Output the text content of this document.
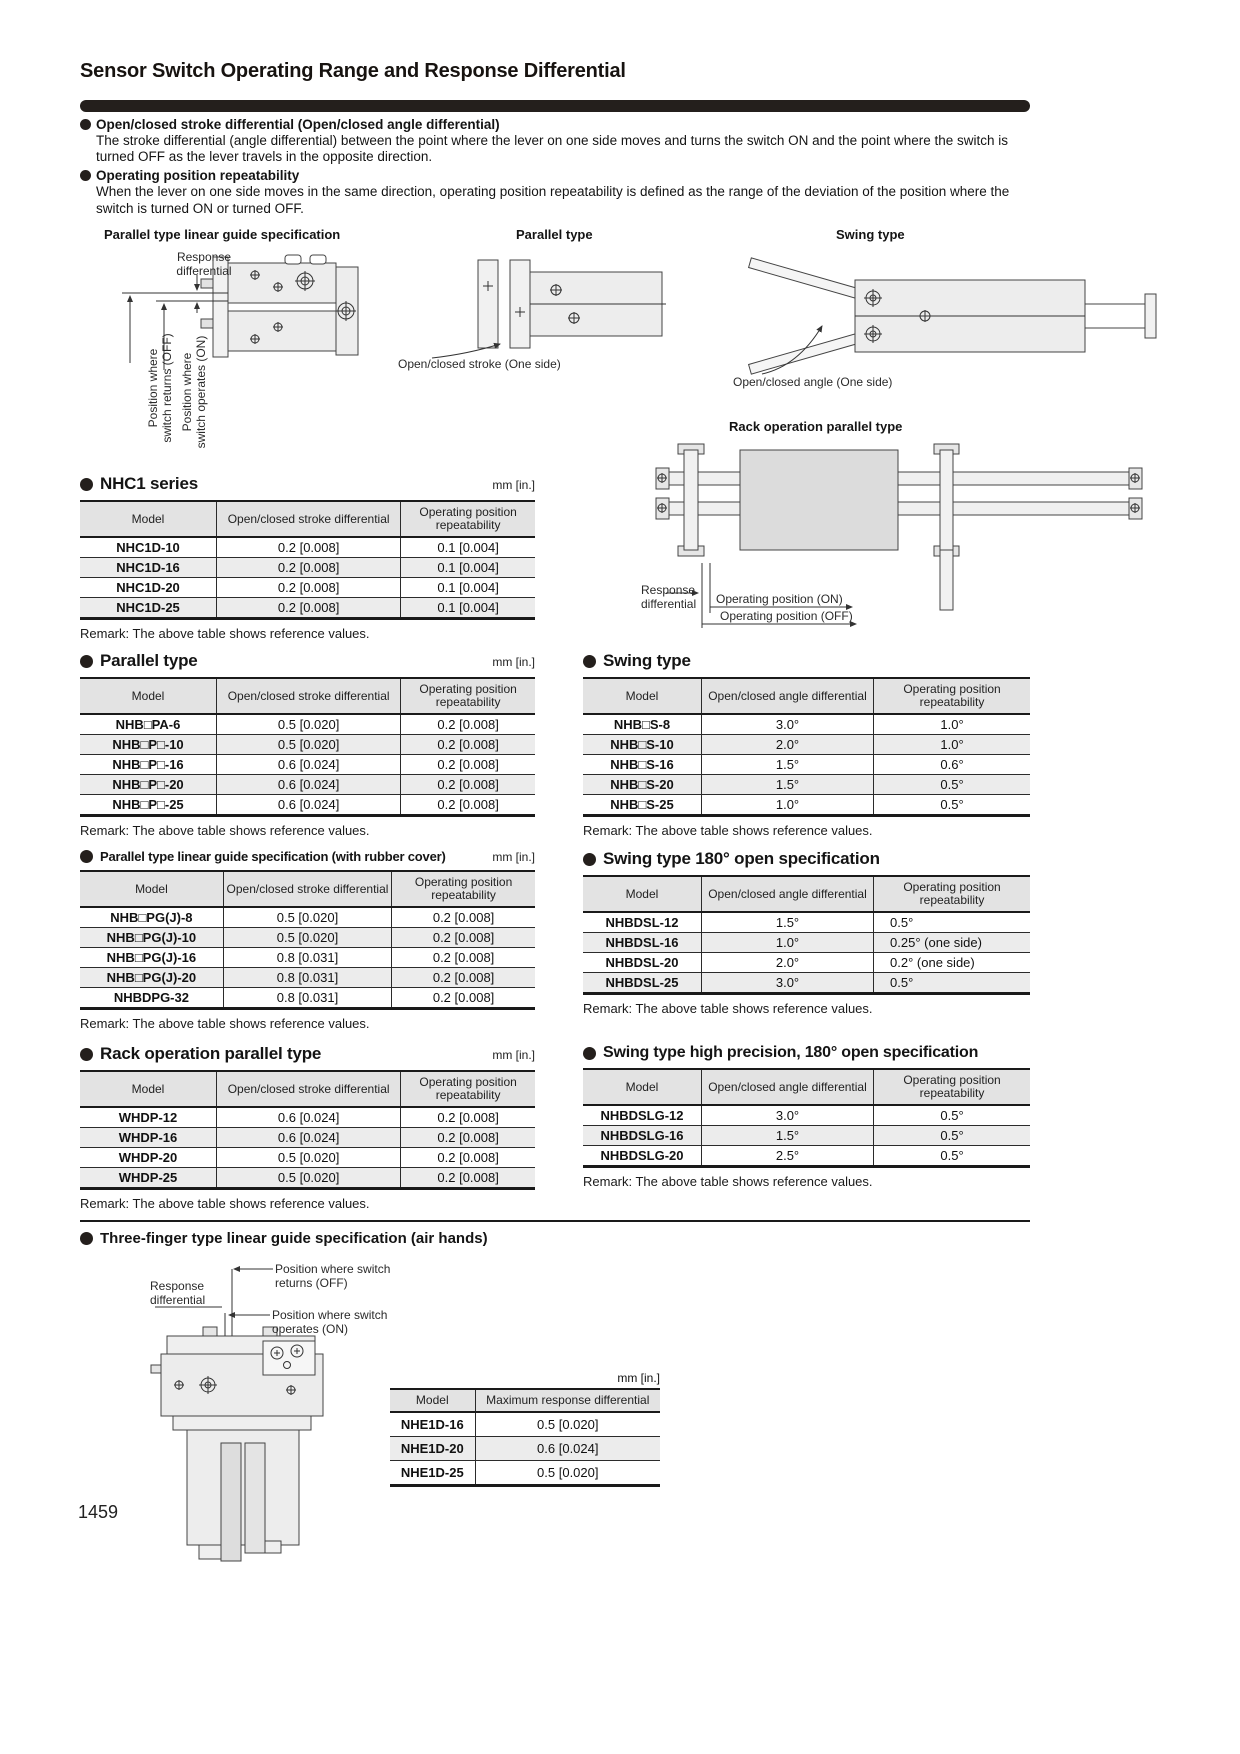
Sensor Switch Operating Range and Response Differential
Open/closed stroke differential (Open/closed angle differential)
The stroke differential (angle differential) between the point where the lever on one side moves and turns the switch ON and the point where the switch is turned OFF as the lever travels in the opposite direction.
Operating position repeatability
When the lever on one side moves in the same direction, operating position repeatability is defined as the range of the deviation of the position where the switch is turned ON or turned OFF.
Parallel type linear guide specification	Parallel type	Swing type
Response differential
Position where switch returns (OFF) Position where switch operates (ON)	Open/closed stroke (One side)
Open/closed angle (One side)
Rack operation parallel type
Response differential	Operating position (ON)
Operating position (OFF)
NHC1 series	mm [in.]
Model	Open/closed stroke differential	Operating position repeatability
NHC1D-10	0.2 [0.008]	0.1 [0.004]
NHC1D-16	0.2 [0.008]	0.1 [0.004]
NHC1D-20	0.2 [0.008]	0.1 [0.004]
NHC1D-25	0.2 [0.008]	0.1 [0.004]
Remark: The above table shows reference values.
Parallel type	mm [in.]
Model	Open/closed stroke differential	Operating position repeatability
NHB□PA-6	0.5 [0.020]	0.2 [0.008]
NHB□P□-10	0.5 [0.020]	0.2 [0.008]
NHB□P□-16	0.6 [0.024]	0.2 [0.008]
NHB□P□-20	0.6 [0.024]	0.2 [0.008]
NHB□P□-25	0.6 [0.024]	0.2 [0.008]
Remark: The above table shows reference values.
Swing type
Model	Open/closed angle differential	Operating position repeatability
NHB□S-8	3.0°	1.0°
NHB□S-10	2.0°	1.0°
NHB□S-16	1.5°	0.6°
NHB□S-20	1.5°	0.5°
NHB□S-25	1.0°	0.5°
Remark: The above table shows reference values.
Parallel type linear guide specification (with rubber cover)	mm [in.]
Model	Open/closed stroke differential	Operating position repeatability
NHB□PG(J)-8	0.5 [0.020]	0.2 [0.008]
NHB□PG(J)-10	0.5 [0.020]	0.2 [0.008]
NHB□PG(J)-16	0.8 [0.031]	0.2 [0.008]
NHB□PG(J)-20	0.8 [0.031]	0.2 [0.008]
NHBDPG-32	0.8 [0.031]	0.2 [0.008]
Remark: The above table shows reference values.
Swing type 180° open specification
Model	Open/closed angle differential	Operating position repeatability
NHBDSL-12	1.5°	0.5°
NHBDSL-16	1.0°	0.25° (one side)
NHBDSL-20	2.0°	0.2° (one side)
NHBDSL-25	3.0°	0.5°
Remark: The above table shows reference values.
Rack operation parallel type	mm [in.]
Model	Open/closed stroke differential	Operating position repeatability
WHDP-12	0.6 [0.024]	0.2 [0.008]
WHDP-16	0.6 [0.024]	0.2 [0.008]
WHDP-20	0.5 [0.020]	0.2 [0.008]
WHDP-25	0.5 [0.020]	0.2 [0.008]
Remark: The above table shows reference values.
Swing type high precision, 180° open specification
Model	Open/closed angle differential	Operating position repeatability
NHBDSLG-12	3.0°	0.5°
NHBDSLG-16	1.5°	0.5°
NHBDSLG-20	2.5°	0.5°
Remark: The above table shows reference values.
Three-finger type linear guide specification (air hands)
Position where switch returns (OFF)
Response differential
Position where switch operates (ON)
mm [in.]
Model	Maximum response differential
NHE1D-16	0.5 [0.020]
NHE1D-20	0.6 [0.024]
NHE1D-25	0.5 [0.020]
1459
